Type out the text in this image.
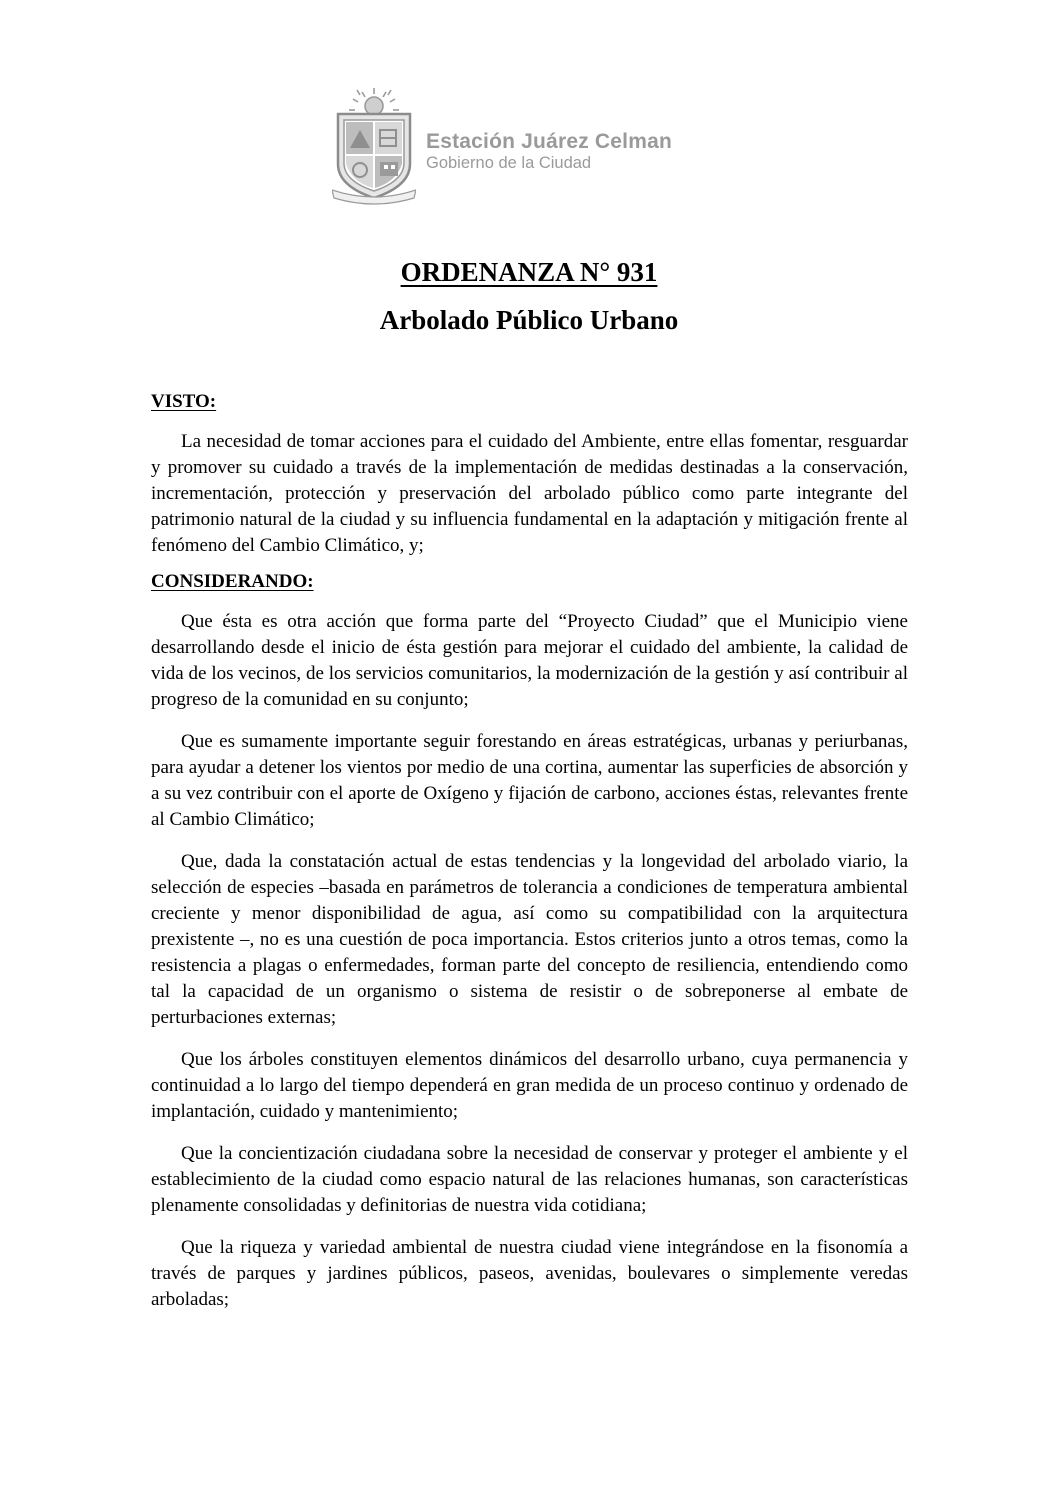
Estación Juárez Celman
Gobierno de la Ciudad
ORDENANZA N° 931
Arbolado Público Urbano

VISTO:

La necesidad de tomar acciones para el cuidado del Ambiente, entre ellas fomentar, resguardar y promover su cuidado a través de la implementación de medidas destinadas a la conservación, incrementación, protección y preservación del arbolado público como parte integrante del patrimonio natural de la ciudad y su influencia fundamental en la adaptación y mitigación frente al fenómeno del Cambio Climático, y;

CONSIDERANDO:

Que ésta es otra acción que forma parte del “Proyecto Ciudad” que el Municipio viene desarrollando desde el inicio de ésta gestión para mejorar el cuidado del ambiente, la calidad de vida de los vecinos, de los servicios comunitarios, la modernización de la gestión y así contribuir al progreso de la comunidad en su conjunto;

Que es sumamente importante seguir forestando en áreas estratégicas, urbanas y periurbanas, para ayudar a detener los vientos por medio de una cortina, aumentar las superficies de absorción y a su vez contribuir con el aporte de Oxígeno y fijación de carbono, acciones éstas, relevantes frente al Cambio Climático;

Que, dada la constatación actual de estas tendencias y la longevidad del arbolado viario, la selección de especies –basada en parámetros de tolerancia a condiciones de temperatura ambiental creciente y menor disponibilidad de agua, así como su compatibilidad con la arquitectura prexistente –, no es una cuestión de poca importancia. Estos criterios junto a otros temas, como la resistencia a plagas o enfermedades, forman parte del concepto de resiliencia, entendiendo como tal la capacidad de un organismo o sistema de resistir o de sobreponerse al embate de perturbaciones externas;

Que los árboles constituyen elementos dinámicos del desarrollo urbano, cuya permanencia y continuidad a lo largo del tiempo dependerá en gran medida de un proceso continuo y ordenado de implantación, cuidado y mantenimiento;

Que la concientización ciudadana sobre la necesidad de conservar y proteger el ambiente y el establecimiento de la ciudad como espacio natural de las relaciones humanas, son características plenamente consolidadas y definitorias de nuestra vida cotidiana;

Que la riqueza y variedad ambiental de nuestra ciudad viene integrándose en la fisonomía a través de parques y jardines públicos, paseos, avenidas, boulevares o simplemente veredas arboladas;
